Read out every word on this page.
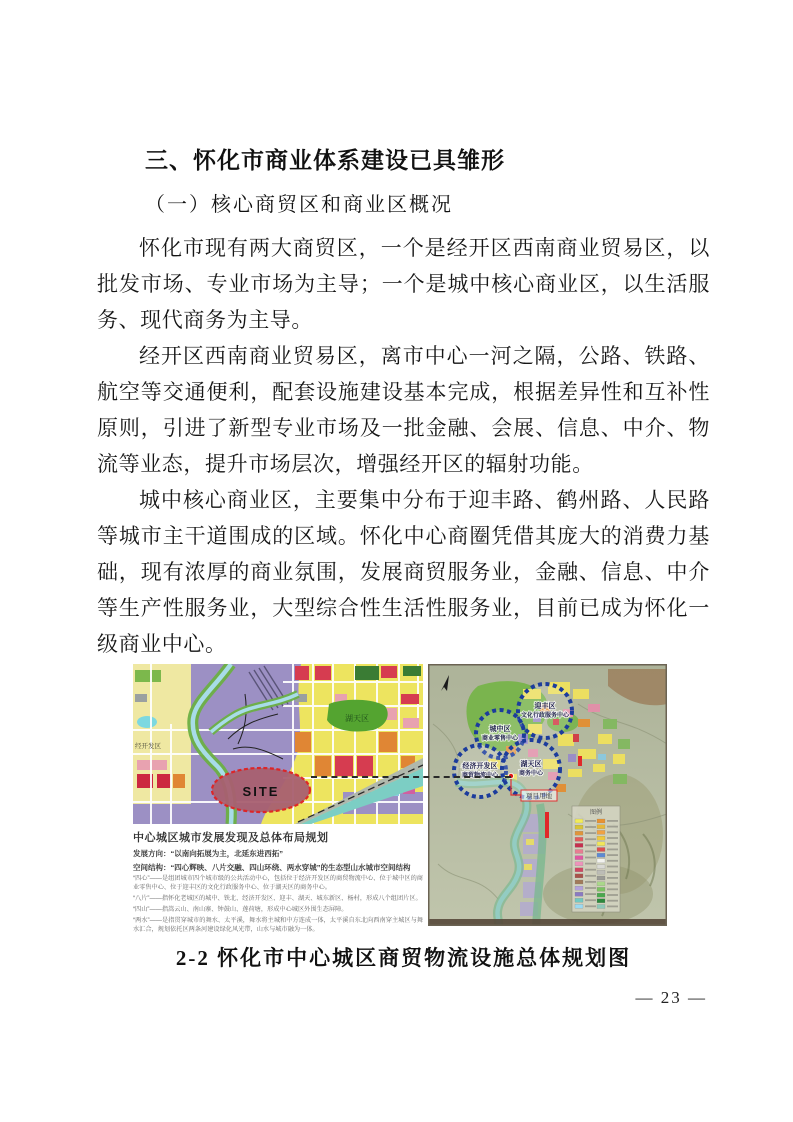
三、怀化市商业体系建设已具雏形
（一）核心商贸区和商业区概况

怀化市现有两大商贸区，一个是经开区西南商业贸易区，以批发市场、专业市场为主导；一个是城中核心商业区，以生活服务、现代商务为主导。

经开区西南商业贸易区，离市中心一河之隔，公路、铁路、航空等交通便利，配套设施建设基本完成，根据差异性和互补性原则，引进了新型专业市场及一批金融、会展、信息、中介、物流等业态，提升市场层次，增强经开区的辐射功能。

城中核心商业区，主要集中分布于迎丰路、鹤州路、人民路等城市主干道围成的区域。怀化中心商圈凭借其庞大的消费力基础，现有浓厚的商业氛围，发展商贸服务业，金融、信息、中介等生产性服务业，大型综合性生活性服务业，目前已成为怀化一级商业中心。

SITE
湖天区
经开发区

中心城区城市发展发现及总体布局规划

发展方向：“以南向拓展为主，北延东进西拓”

空间结构：“四心辉映、八片交融、四山环绕、两水穿城”的生态型山水城市空间结构

“四心”——是组团城市四个城市级的公共活动中心，包括位于经济开发区的商贸物流中心、位于城中区的商业零售中心、位于迎丰区的文化行政服务中心、位于湖天区的商务中心。

“八片”——指怀化老城区的城中、铁北、经济开发区、迎丰、湖天、城东新区、杨村，形成八个组团片区。

“四山”——指嵩云山、南山寨、钟鼓山、莲荷塘，形成中心城区外围生态屏障。

“两水”——是指贯穿城市的舞水、太平溪，舞水将主城和中方连成一体，太平溪自东北向西南穿主城区与舞水汇合，规划依托区两条河建设绿化风光带，山水与城市融为一体。

迎丰区
文化行政服务中心
城中区
商业零售中心
经济开发区
商贸物流中心
湖天区
商务中心
项目用地
图例
2-2 怀化市中心城区商贸物流设施总体规划图
— 23 —
